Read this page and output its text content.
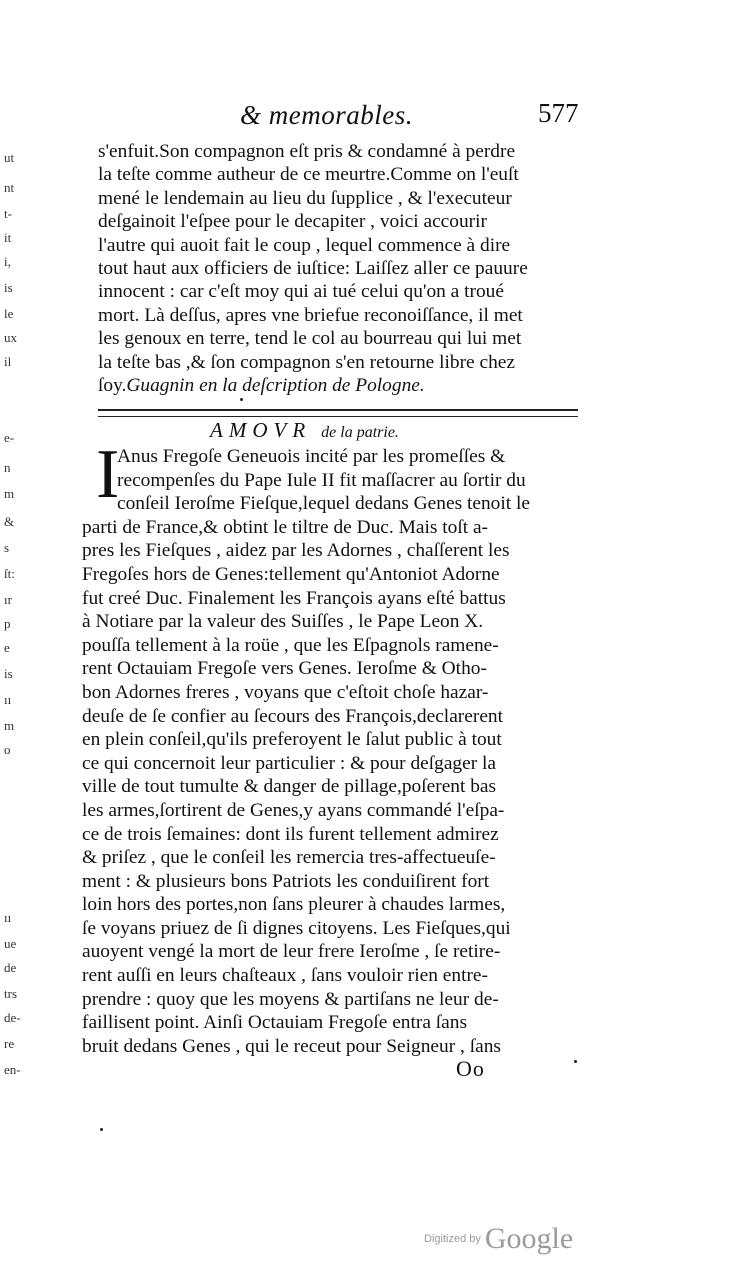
ut
nt
t-
it
i,
is
le
ux
il
e-
n
m
&
s
ſt:
ır
p
e
is
ıı
m
o
ıı
ue
de
trs
de-
re
en-
& memorables.	577
s'enfuit.Son compagnon eſt pris & condamné à perdre
la teſte comme autheur de ce meurtre.Comme on l'euſt
mené le lendemain au lieu du ſupplice , & l'executeur
deſgainoit l'eſpee pour le decapiter , voici accourir
l'autre qui auoit fait le coup , lequel commence à dire
tout haut aux officiers de iuſtice: Laiſſez aller ce pauure
innocent : car c'eſt moy qui ai tué celui qu'on a troué
mort. Là deſſus, apres vne briefue reconoiſſance, il met
les genoux en terre, tend le col au bourreau qui lui met
la teſte bas ,& ſon compagnon s'en retourne libre chez
ſoy.Guagnin en la deſcription de Pologne.
AMOVR de la patrie.
I
Anus Fregoſe Geneuois incité par les promeſſes &
recompenſes du Pape Iule II fit maſſacrer au ſortir du
conſeil Ieroſme Fieſque,lequel dedans Genes tenoit le
parti de France,& obtint le tiltre de Duc. Mais toſt a-
pres les Fieſques , aidez par les Adornes , chaſſerent les
Fregoſes hors de Genes:tellement qu'Antoniot Adorne
fut creé Duc. Finalement les François ayans eſté battus
à Notiare par la valeur des Suiſſes , le Pape Leon X.
pouſſa tellement à la roüe , que les Eſpagnols ramene-
rent Octauiam Fregoſe vers Genes. Ieroſme & Otho-
bon Adornes freres , voyans que c'eſtoit choſe hazar-
deuſe de ſe confier au ſecours des François,declarerent
en plein conſeil,qu'ils preferoyent le ſalut public à tout
ce qui concernoit leur particulier : & pour deſgager la
ville de tout tumulte & danger de pillage,poſerent bas
les armes,ſortirent de Genes,y ayans commandé l'eſpa-
ce de trois ſemaines: dont ils furent tellement admirez
& priſez , que le conſeil les remercia tres-affectueuſe-
ment : & plusieurs bons Patriots les conduiſirent fort
loin hors des portes,non ſans pleurer à chaudes larmes,
ſe voyans priuez de ſi dignes citoyens. Les Fieſques,qui
auoyent vengé la mort de leur frere Ieroſme , ſe retire-
rent auſſi en leurs chaſteaux , ſans vouloir rien entre-
prendre : quoy que les moyens & partiſans ne leur de-
faillisent point. Ainſi Octauiam Fregoſe entra ſans
bruit dedans Genes , qui le receut pour Seigneur , ſans
Oo
Digitized by Google
